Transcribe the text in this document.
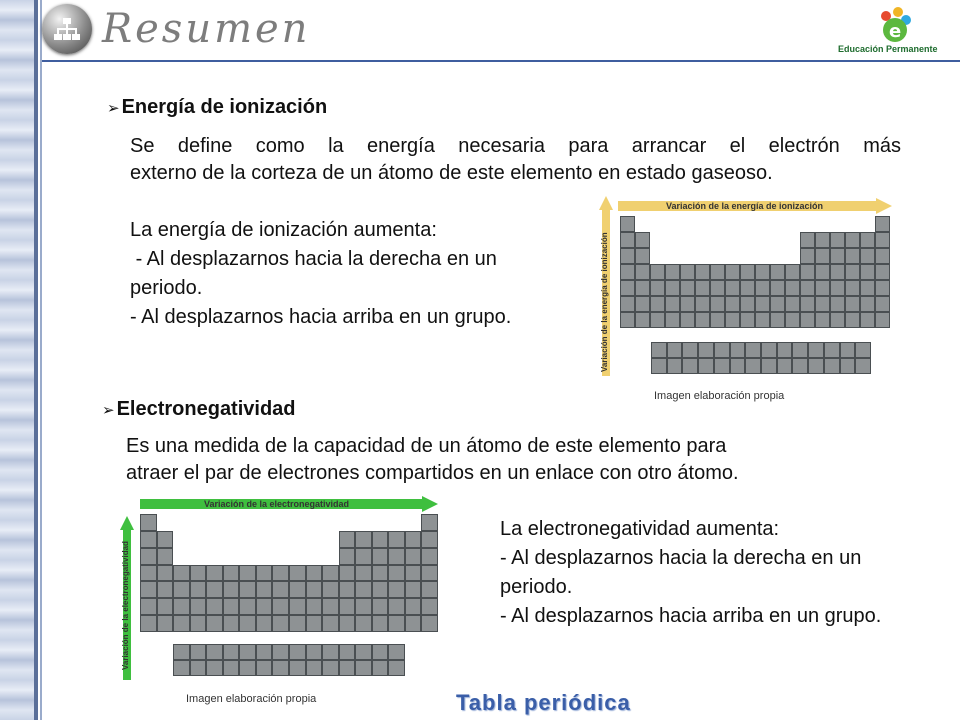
Resumen	e
Educación Permanente
➢ Energía de ionización
Se define como la energía necesaria para arrancar el electrón más
externo de la corteza de un átomo de este elemento en estado gaseoso.
La energía de ionización aumenta:
- Al desplazarnos hacia la derecha en un periodo.
- Al desplazarnos hacia arriba en un grupo.
Variación de la energía de ionización
Variación de la energía de ionización
Imagen elaboración propia
➢ Electronegatividad
Es una medida de la capacidad de un átomo de este elemento para
atraer el par de electrones compartidos en un enlace con otro átomo.
La electronegatividad aumenta:
- Al desplazarnos hacia la derecha en un periodo.
- Al desplazarnos hacia arriba en un grupo.
Variación de la electronegatividad
Variación de la electronegatividad
Imagen elaboración propia	Tabla periódica
